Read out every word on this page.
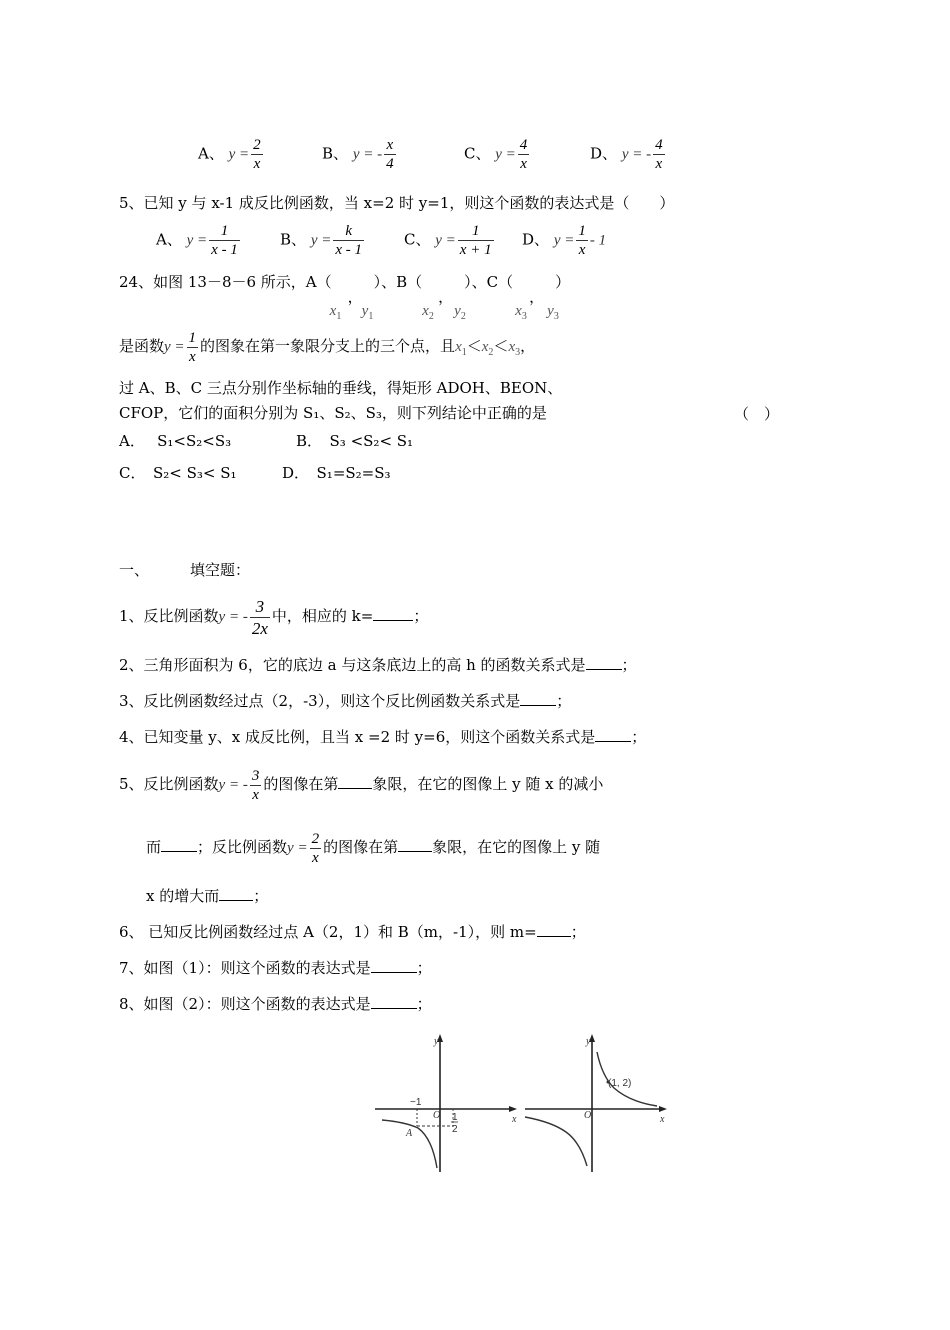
A、 $y = \frac{2}{x}$	B、 y = - $\frac{x}{4}$	C、 $y = \frac{4}{x}$	D、 y = - $\frac{4}{x}$
5、已知 y 与 x-1 成反比例函数，当 x=2 时 y=1，则这个函数的表达式是（　　）
A、 $y = \frac{1}{x - 1}$	B、 $y = \frac{k}{x - 1}$	C、 $y = \frac{1}{x + 1}$ D、 $y = \frac{1}{x} - 1$
24、如图 13－8－6 所示，A（
$x_1$
，
$y_1$
）、B（
$x_2$
，
$y_2$
）、C（
$x_3$
，
$y_3$
）
是函数$y = \frac{1}{x}$ 的图象在第一象限分支上的三个点，且$x_1<x_2<x_3$，
过 A、B、C 三点分别作坐标轴的垂线，得矩形 ADOH、BEON、
CFOP，它们的面积分别为 S₁、S₂、S₃，则下列结论中正确的是	（　）
A．　 S₁<S₂<S₃	B．　S₃ <S₂< S₁
C．　S₂< S₃< S₁	D．　S₁=S₂=S₃
一、	填空题：
1、反比例函数y = - $\frac{3}{2x}$ 中，相应的 k=	；
2、三角形面积为 6，它的底边 a 与这条底边上的高 h 的函数关系式是 ；
3、反比例函数经过点（2，-3），则这个反比例函数关系式是 ；
4、已知变量 y、x 成反比例，且当 x =2 时 y=6，则这个函数关系式是 ；
5、反比例函数y = - $\frac{3}{x}$ 的图像在第 象限，在它的图像上 y 随 x 的减小
而 ；反比例函数$y = \frac{2}{x}$ 的图像在第 象限，在它的图像上 y 随
x 的增大而 ；
6、 已知反比例函数经过点 A（2，1）和 B（m，-1），则 m= ；
7、如图（1）：则这个函数的表达式是	；
8、如图（2）：则这个函数的表达式是	；
y
x
O
−1
A
1
2
y
x
O
(1, 2)
